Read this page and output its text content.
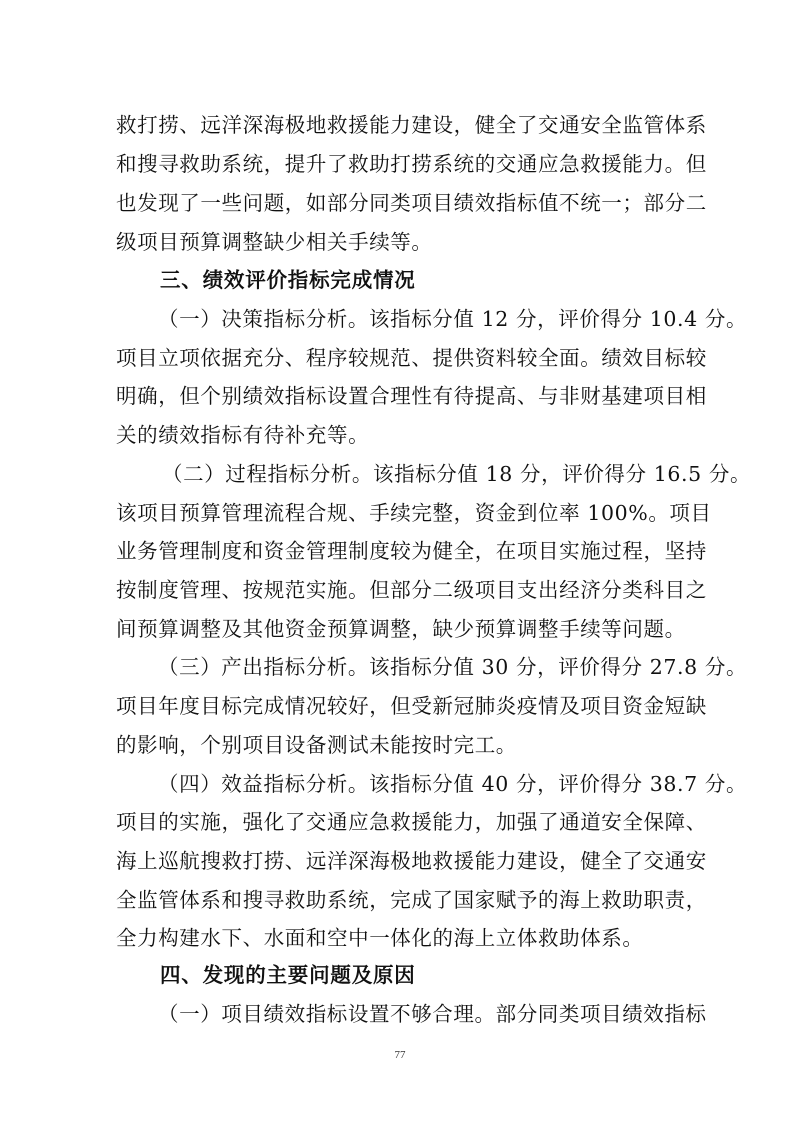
救打捞、远洋深海极地救援能力建设，健全了交通安全监管体系
和搜寻救助系统，提升了救助打捞系统的交通应急救援能力。但
也发现了一些问题，如部分同类项目绩效指标值不统一；部分二
级项目预算调整缺少相关手续等。
三、绩效评价指标完成情况
（一）决策指标分析。该指标分值 12 分，评价得分 10.4 分。
项目立项依据充分、程序较规范、提供资料较全面。绩效目标较
明确，但个别绩效指标设置合理性有待提高、与非财基建项目相
关的绩效指标有待补充等。
（二）过程指标分析。该指标分值 18 分，评价得分 16.5 分。
该项目预算管理流程合规、手续完整，资金到位率 100%。项目
业务管理制度和资金管理制度较为健全，在项目实施过程，坚持
按制度管理、按规范实施。但部分二级项目支出经济分类科目之
间预算调整及其他资金预算调整，缺少预算调整手续等问题。
（三）产出指标分析。该指标分值 30 分，评价得分 27.8 分。
项目年度目标完成情况较好，但受新冠肺炎疫情及项目资金短缺
的影响，个别项目设备测试未能按时完工。
（四）效益指标分析。该指标分值 40 分，评价得分 38.7 分。
项目的实施，强化了交通应急救援能力，加强了通道安全保障、
海上巡航搜救打捞、远洋深海极地救援能力建设，健全了交通安
全监管体系和搜寻救助系统，完成了国家赋予的海上救助职责，
全力构建水下、水面和空中一体化的海上立体救助体系。
四、发现的主要问题及原因
（一）项目绩效指标设置不够合理。部分同类项目绩效指标
77
